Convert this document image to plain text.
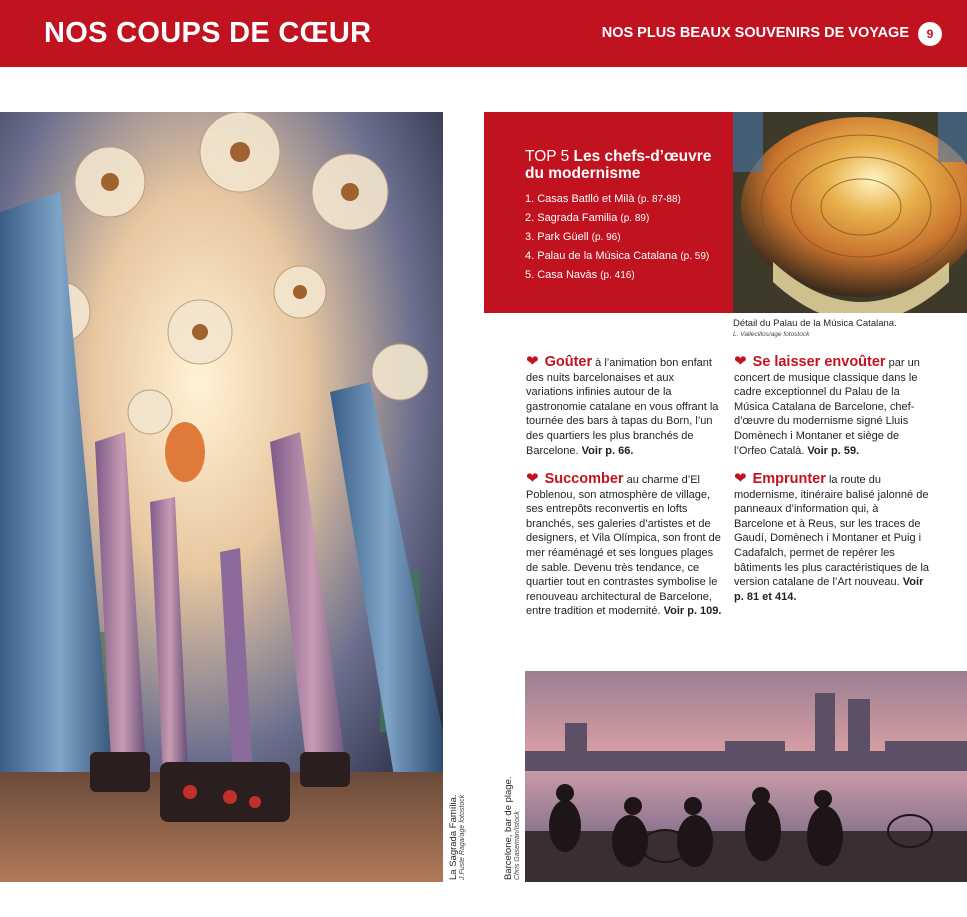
NOS COUPS DE CŒUR	NOS PLUS BEAUX SOUVENIRS DE VOYAGE	9
La Sagrada Família. J.Fuste Raga/age fotostock
TOP 5 Les chefs-d’œuvre du modernisme
1. Casas Batlló et Milà (p. 87-88)
2. Sagrada Familia (p. 89)
3. Park Güell (p. 96)
4. Palau de la Música Catalana (p. 59)
5. Casa Navàs (p. 416)
Détail du Palau de la Música Catalana.
L. Vallecillos/age fotostock
❤ Goûter à l’animation bon enfant des nuits barcelonaises et aux variations infinies autour de la gastronomie catalane en vous offrant la tournée des bars à tapas du Born, l’un des quartiers les plus branchés de Barcelone. Voir p. 66.
❤ Succomber au charme d’El Poblenou, son atmosphère de village, ses entrepôts reconvertis en lofts branchés, ses galeries d’artistes et de designers, et Vila Olímpica, son front de mer réaménagé et ses longues plages de sable. Devenu très tendance, ce quartier tout en contrastes symbolise le renouveau architectural de Barcelone, entre tradition et modernité. Voir p. 109.
❤ Se laisser envoûter par un concert de musique classique dans le cadre exceptionnel du Palau de la Música Catalana de Barcelone, chef-d’œuvre du modernisme signé Lluis Domènech i Montaner et siège de l’Orfeo Català. Voir p. 59.
❤ Emprunter la route du modernisme, itinéraire balisé jalonné de panneaux d’information qui, à Barcelone et à Reus, sur les traces de Gaudí, Domènech i Montaner et Puig i Cadafalch, permet de repérer les bâtiments les plus caractéristiques de la version catalane de l’Art nouveau. Voir p. 81 et 414.
Barcelone, bar de plage. Chris Gaseman/Istock
